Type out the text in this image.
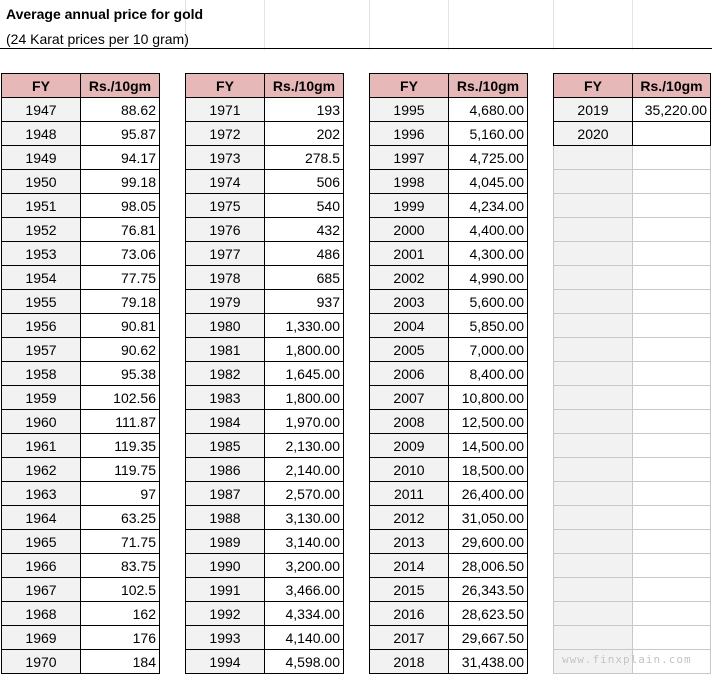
Average annual price for gold
(24 Karat prices per 10 gram)
FY	Rs./10gm
1947	88.62
1948	95.87
1949	94.17
1950	99.18
1951	98.05
1952	76.81
1953	73.06
1954	77.75
1955	79.18
1956	90.81
1957	90.62
1958	95.38
1959	102.56
1960	111.87
1961	119.35
1962	119.75
1963	97
1964	63.25
1965	71.75
1966	83.75
1967	102.5
1968	162
1969	176
1970	184
FY	Rs./10gm
1971	193
1972	202
1973	278.5
1974	506
1975	540
1976	432
1977	486
1978	685
1979	937
1980	1,330.00
1981	1,800.00
1982	1,645.00
1983	1,800.00
1984	1,970.00
1985	2,130.00
1986	2,140.00
1987	2,570.00
1988	3,130.00
1989	3,140.00
1990	3,200.00
1991	3,466.00
1992	4,334.00
1993	4,140.00
1994	4,598.00
FY	Rs./10gm
1995	4,680.00
1996	5,160.00
1997	4,725.00
1998	4,045.00
1999	4,234.00
2000	4,400.00
2001	4,300.00
2002	4,990.00
2003	5,600.00
2004	5,850.00
2005	7,000.00
2006	8,400.00
2007	10,800.00
2008	12,500.00
2009	14,500.00
2010	18,500.00
2011	26,400.00
2012	31,050.00
2013	29,600.00
2014	28,006.50
2015	26,343.50
2016	28,623.50
2017	29,667.50
2018	31,438.00
FY	Rs./10gm
2019	35,220.00
2020	

www.finxplain.com
